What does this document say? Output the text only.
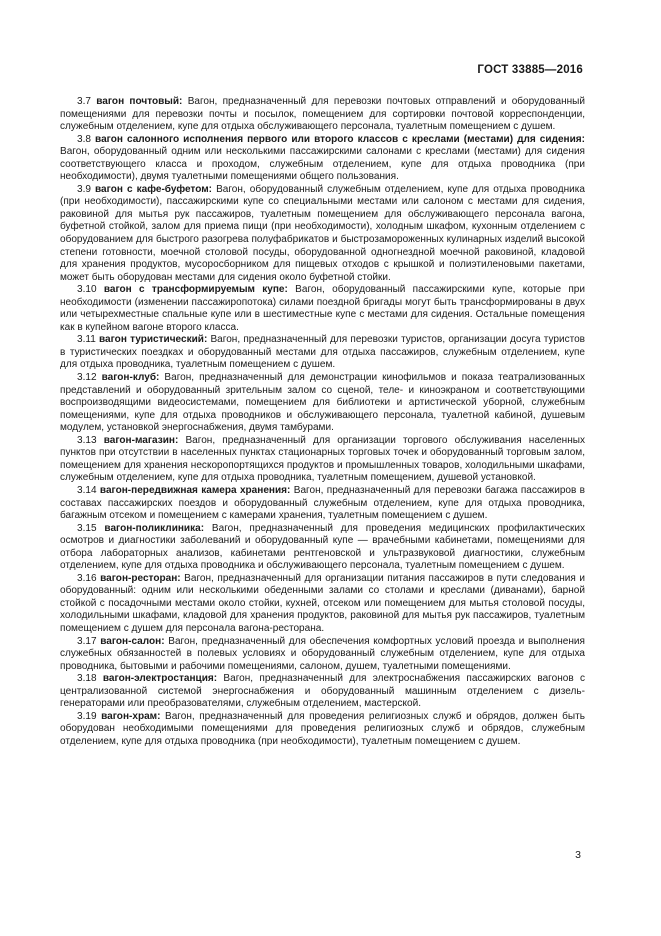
ГОСТ 33885—2016

3.7 вагон почтовый: Вагон, предназначенный для перевозки почтовых отправлений и оборудованный помещениями для перевозки почты и посылок, помещением для сортировки почтовой корреспонденции, служебным отделением, купе для отдыха обслуживающего персонала, туалетным помещением с душем.

3.8 вагон салонного исполнения первого или второго классов с креслами (местами) для сидения: Вагон, оборудованный одним или несколькими пассажирскими салонами с креслами (местами) для сидения соответствующего класса и проходом, служебным отделением, купе для отдыха проводника (при необходимости), двумя туалетными помещениями общего пользования.

3.9 вагон с кафе-буфетом: Вагон, оборудованный служебным отделением, купе для отдыха проводника (при необходимости), пассажирскими купе со специальными местами или салоном с местами для сидения, раковиной для мытья рук пассажиров, туалетным помещением для обслуживающего персонала вагона, буфетной стойкой, залом для приема пищи (при необходимости), холодным шкафом, кухонным отделением с оборудованием для быстрого разогрева полуфабрикатов и быстрозамороженных кулинарных изделий высокой степени готовности, моечной столовой посуды, оборудованной одногнездной моечной раковиной, кладовой для хранения продуктов, мусоросборником для пищевых отходов с крышкой и полиэтиленовыми пакетами, может быть оборудован местами для сидения около буфетной стойки.

3.10 вагон с трансформируемым купе: Вагон, оборудованный пассажирскими купе, которые при необходимости (изменении пассажиропотока) силами поездной бригады могут быть трансформированы в двух или четырехместные спальные купе или в шестиместные купе с местами для сидения. Остальные помещения как в купейном вагоне второго класса.

3.11 вагон туристический: Вагон, предназначенный для перевозки туристов, организации досуга туристов в туристических поездках и оборудованный местами для отдыха пассажиров, служебным отделением, купе для отдыха проводника, туалетным помещением с душем.

3.12 вагон-клуб: Вагон, предназначенный для демонстрации кинофильмов и показа театрализованных представлений и оборудованный зрительным залом со сценой, теле- и киноэкраном и соответствующими воспроизводящими видеосистемами, помещением для библиотеки и артистической уборной, служебным помещениями, купе для отдыха проводников и обслуживающего персонала, туалетной кабиной, душевым модулем, установкой энергоснабжения, двумя тамбурами.

3.13 вагон-магазин: Вагон, предназначенный для организации торгового обслуживания населенных пунктов при отсутствии в населенных пунктах стационарных торговых точек и оборудованный торговым залом, помещением для хранения нескоропортящихся продуктов и промышленных товаров, холодильными шкафами, служебным отделением, купе для отдыха проводника, туалетным помещением, душевой установкой.

3.14 вагон-передвижная камера хранения: Вагон, предназначенный для перевозки багажа пассажиров в составах пассажирских поездов и оборудованный служебным отделением, купе для отдыха проводника, багажным отсеком и помещением с камерами хранения, туалетным помещением с душем.

3.15 вагон-поликлиника: Вагон, предназначенный для проведения медицинских профилактических осмотров и диагностики заболеваний и оборудованный купе — врачебными кабинетами, помещениями для отбора лабораторных анализов, кабинетами рентгеновской и ультразвуковой диагностики, служебным отделением, купе для отдыха проводника и обслуживающего персонала, туалетным помещением с душем.

3.16 вагон-ресторан: Вагон, предназначенный для организации питания пассажиров в пути следования и оборудованный: одним или несколькими обеденными залами со столами и креслами (диванами), барной стойкой с посадочными местами около стойки, кухней, отсеком или помещением для мытья столовой посуды, холодильными шкафами, кладовой для хранения продуктов, раковиной для мытья рук пассажиров, туалетным помещением с душем для персонала вагона-ресторана.

3.17 вагон-салон: Вагон, предназначенный для обеспечения комфортных условий проезда и выполнения служебных обязанностей в полевых условиях и оборудованный служебным отделением, купе для отдыха проводника, бытовыми и рабочими помещениями, салоном, душем, туалетными помещениями.

3.18 вагон-электростанция: Вагон, предназначенный для электроснабжения пассажирских вагонов с централизованной системой энергоснабжения и оборудованный машинным отделением с дизель-генераторами или преобразователями, служебным отделением, мастерской.

3.19 вагон-храм: Вагон, предназначенный для проведения религиозных служб и обрядов, должен быть оборудован необходимыми помещениями для проведения религиозных служб и обрядов, служебным отделением, купе для отдыха проводника (при необходимости), туалетным помещением с душем.

3
